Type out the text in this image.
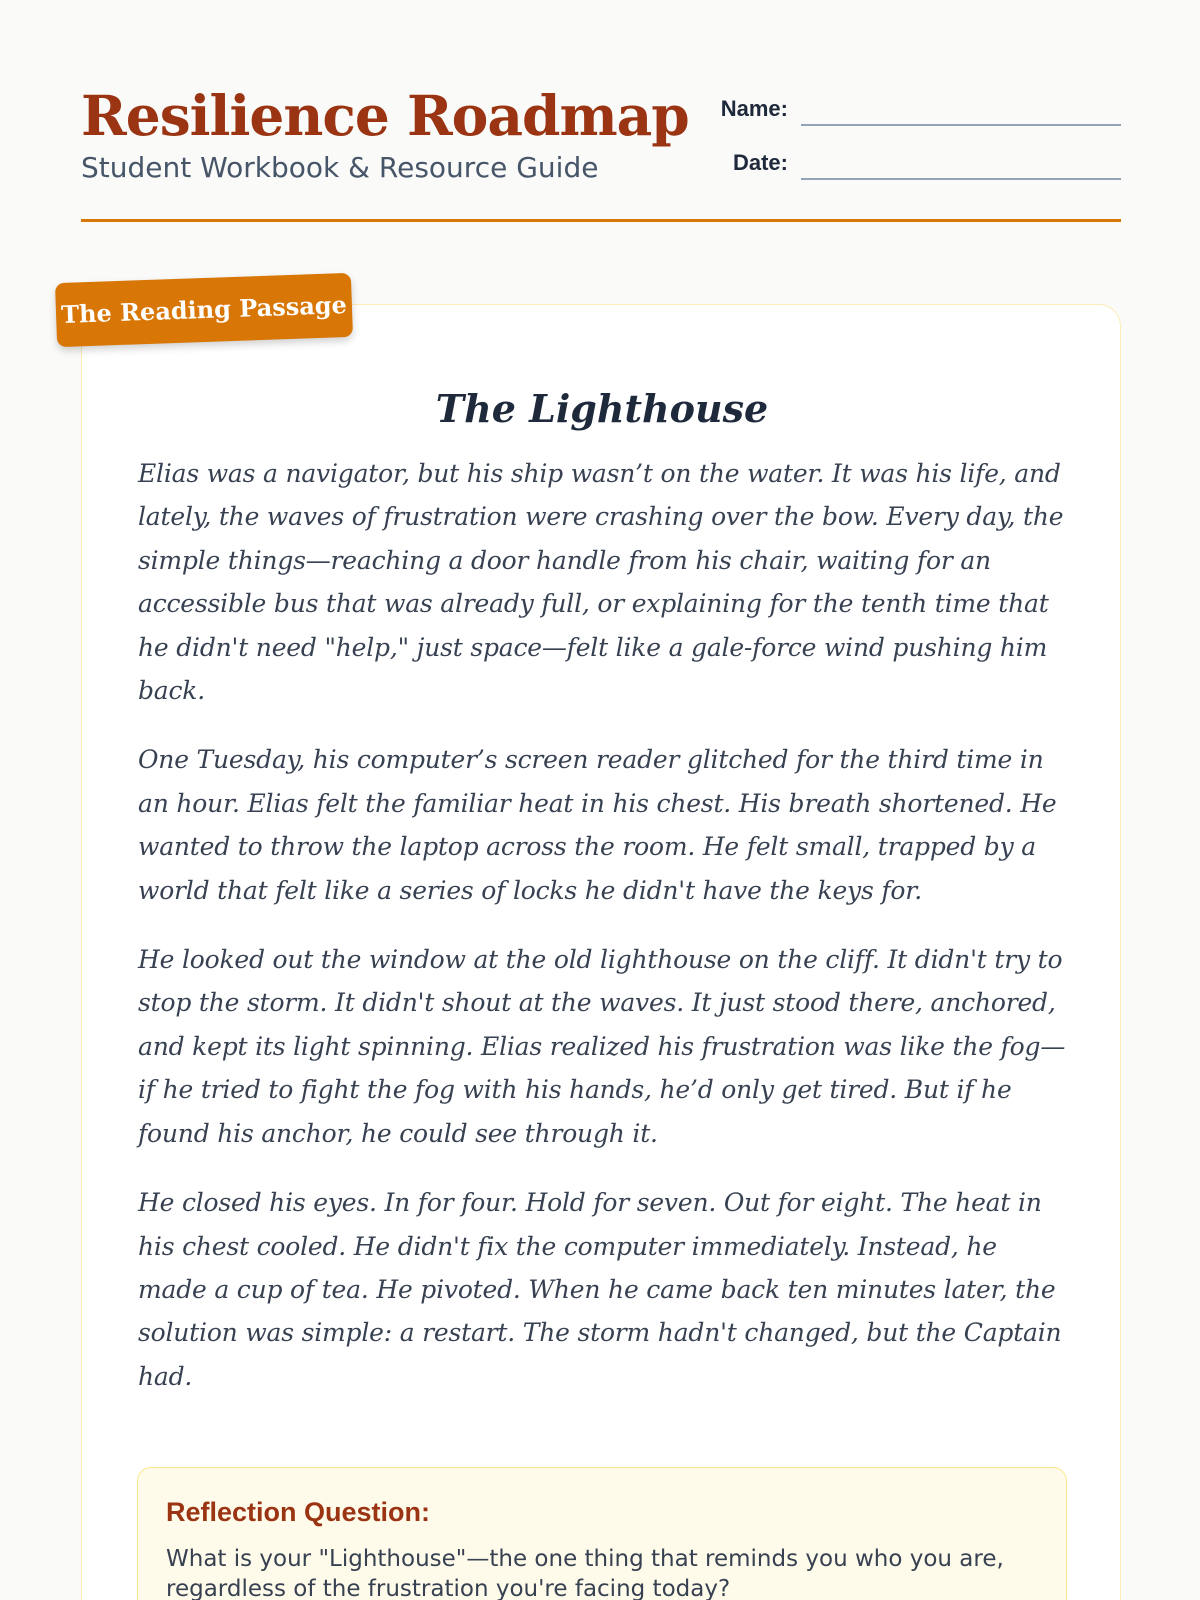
Resilience Roadmap
Student Workbook & Resource Guide
Name:
Date:
The Lighthouse

Elias was a navigator, but his ship wasn’t on the water. It was his life, and lately, the waves of frustration were crashing over the bow. Every day, the simple things—reaching a door handle from his chair, waiting for an accessible bus that was already full, or explaining for the tenth time that he didn't need "help," just space—felt like a gale-force wind pushing him back.

One Tuesday, his computer’s screen reader glitched for the third time in an hour. Elias felt the familiar heat in his chest. His breath shortened. He wanted to throw the laptop across the room. He felt small, trapped by a world that felt like a series of locks he didn't have the keys for.

He looked out the window at the old lighthouse on the cliff. It didn't try to stop the storm. It didn't shout at the waves. It just stood there, anchored, and kept its light spinning. Elias realized his frustration was like the fog—if he tried to fight the fog with his hands, he’d only get tired. But if he found his anchor, he could see through it.

He closed his eyes. In for four. Hold for seven. Out for eight. The heat in his chest cooled. He didn't fix the computer immediately. Instead, he made a cup of tea. He pivoted. When he came back ten minutes later, the solution was simple: a restart. The storm hadn't changed, but the Captain had.

Reflection Question:

What is your "Lighthouse"—the one thing that reminds you who you are, regardless of the frustration you're facing today?

The Reading Passage
